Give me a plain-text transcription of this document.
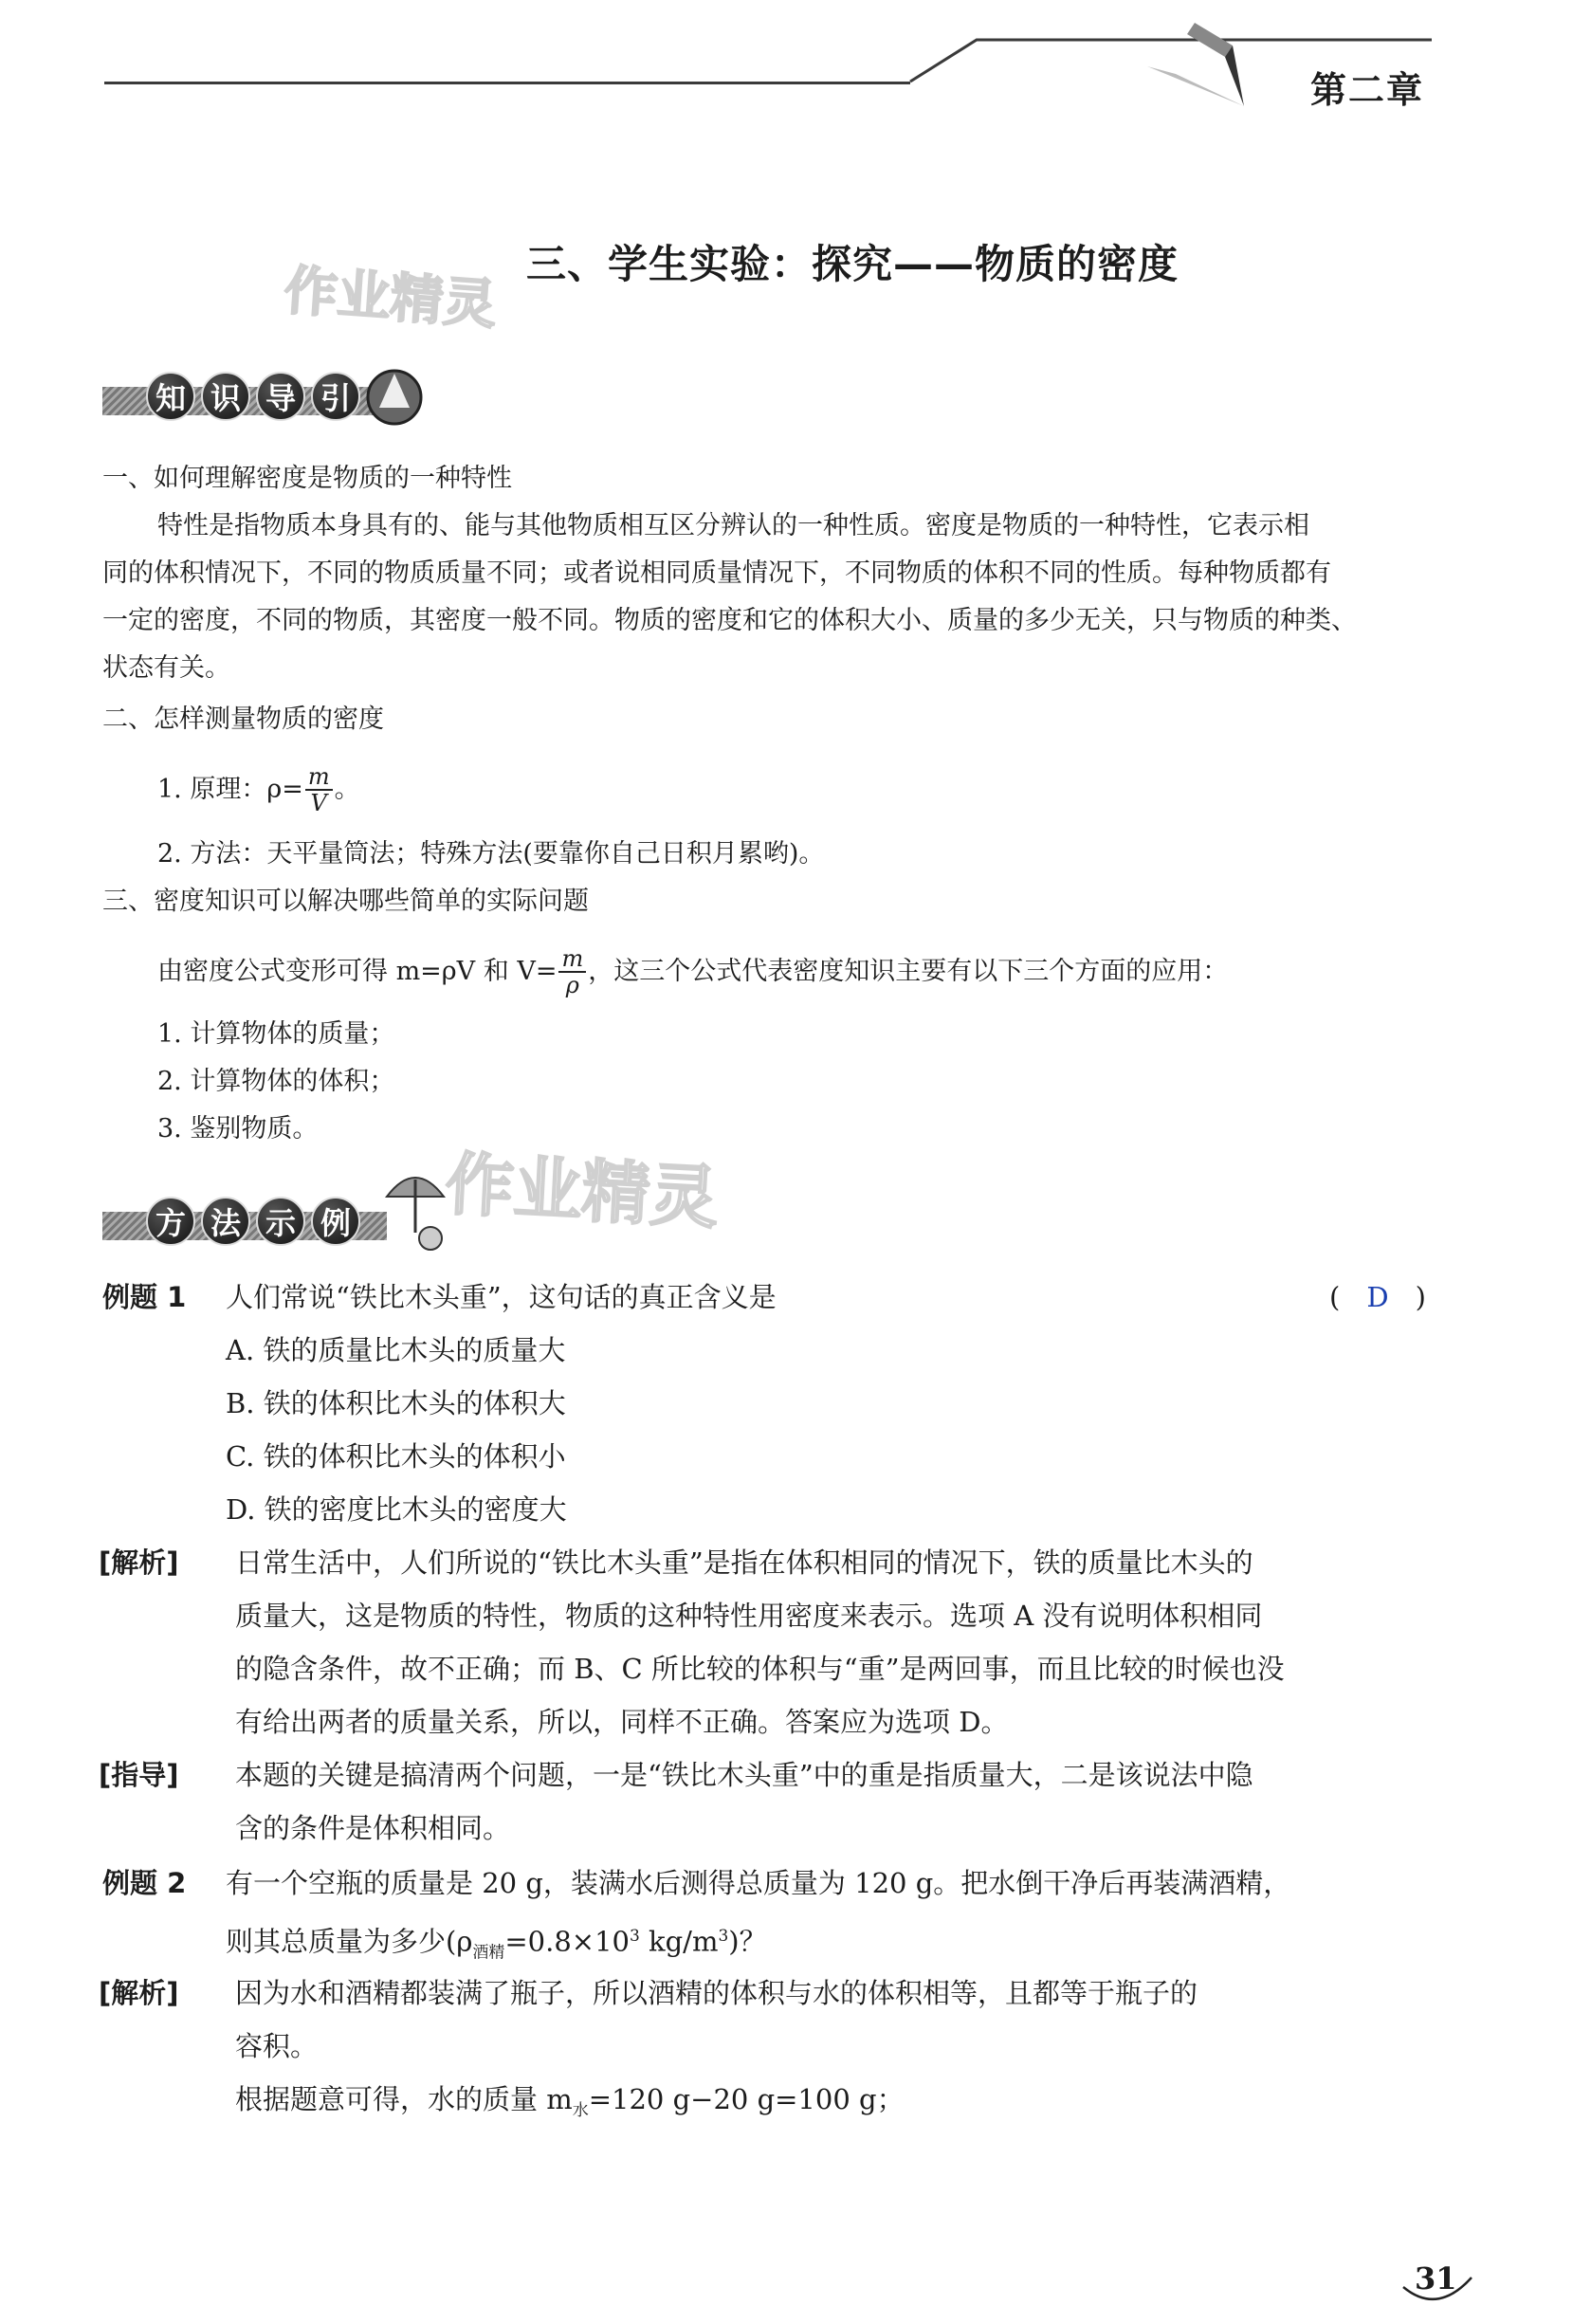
第二章
三、学生实验：探究——物质的密度
作业精灵
知 识 导 引
一、如何理解密度是物质的一种特性
特性是指物质本身具有的、能与其他物质相互区分辨认的一种性质。密度是物质的一种特性，它表示相
同的体积情况下，不同的物质质量不同；或者说相同质量情况下，不同物质的体积不同的性质。每种物质都有
一定的密度，不同的物质，其密度一般不同。物质的密度和它的体积大小、质量的多少无关，只与物质的种类、
状态有关。
二、怎样测量物质的密度
1. 原理：$\rho= \frac{m}{V}$ 。
2. 方法：天平量筒法；特殊方法(要靠你自己日积月累哟)。
三、密度知识可以解决哪些简单的实际问题
由密度公式变形可得 m=ρV 和 $V= \frac{m}{\rho}$ ，这三个公式代表密度知识主要有以下三个方面的应用：
1. 计算物体的质量；
2. 计算物体的体积；
3. 鉴别物质。
方 法 示 例 作业精灵
例题 1 人们常说“铁比木头重”，这句话的真正含义是	( D )
A. 铁的质量比木头的质量大
B. 铁的体积比木头的体积大
C. 铁的体积比木头的体积小
D. 铁的密度比木头的密度大
[解析] 日常生活中，人们所说的“铁比木头重”是指在体积相同的情况下，铁的质量比木头的
质量大，这是物质的特性，物质的这种特性用密度来表示。选项 A 没有说明体积相同
的隐含条件，故不正确；而 B、C 所比较的体积与“重”是两回事，而且比较的时候也没
有给出两者的质量关系，所以，同样不正确。答案应为选项 D。
[指导] 本题的关键是搞清两个问题，一是“铁比木头重”中的重是指质量大，二是该说法中隐
含的条件是体积相同。
例题 2 有一个空瓶的质量是 20 g，装满水后测得总质量为 120 g。把水倒干净后再装满酒精，
则其总质量为多少($\rho_{酒精}=0.8\times 10^3$ $kg/m^3$)？
[解析] 因为水和酒精都装满了瓶子，所以酒精的体积与水的体积相等，且都等于瓶子的
容积。
根据题意可得，水的质量 $m_水=120$ g−20 g=100 g；
31
